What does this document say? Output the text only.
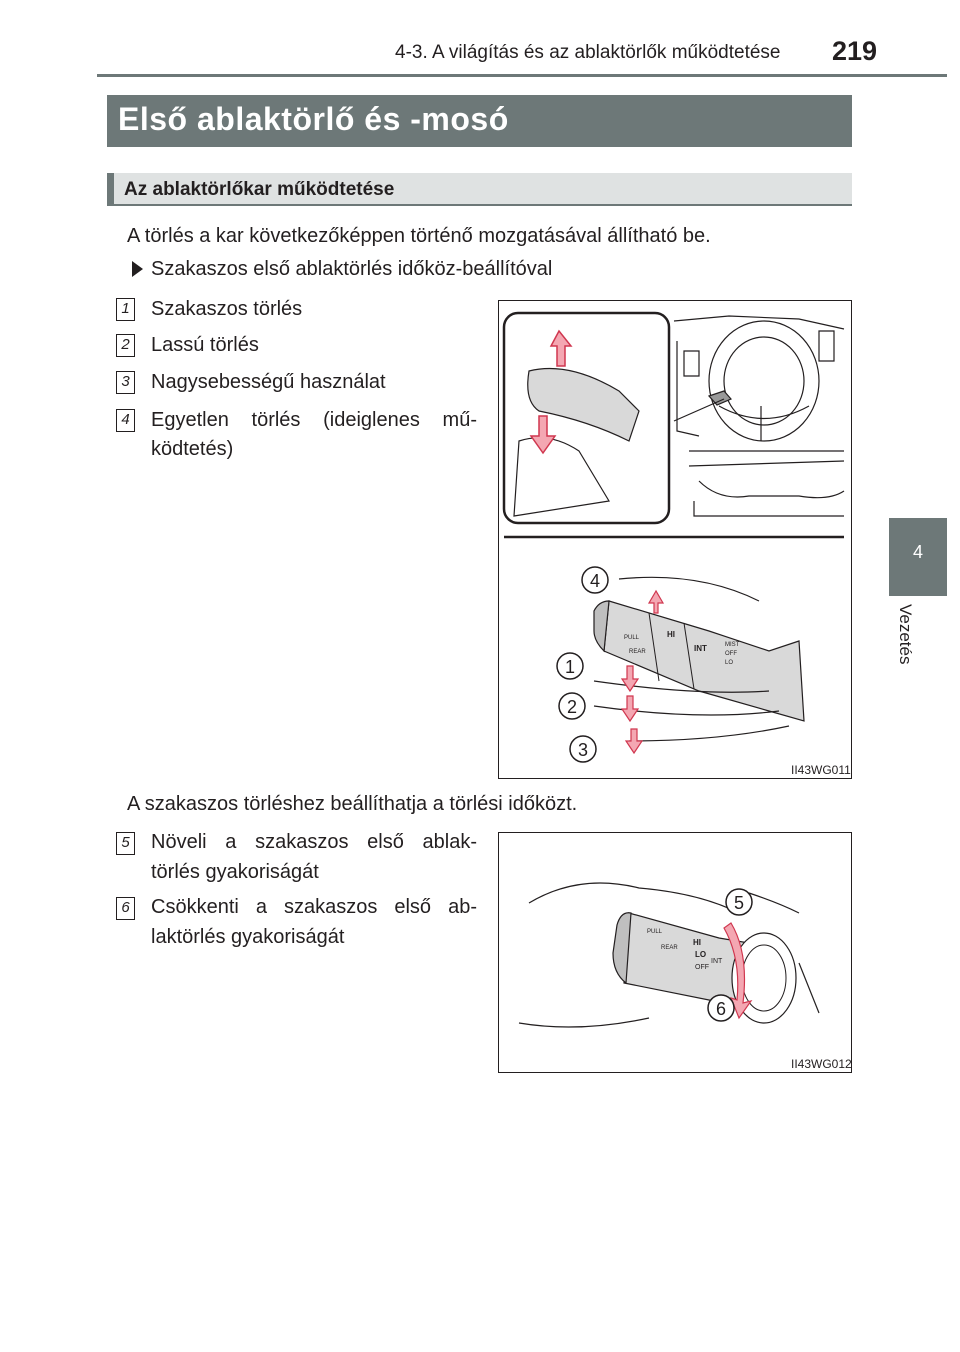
4-3. A világítás és az ablaktörlők működtetése 219
4
Vezetés
Első ablaktörlő és -mosó
Az ablaktörlőkar működtetése
A törlés a kar következőképpen történő mozgatásával állítható be.
Szakaszos első ablaktörlés időköz-beállítóval
1 Szakaszos törlés
2 Lassú törlés
3 Nagysebességű használat
4 Egyetlen törlés (ideiglenes mű-
ködtetés)
HI
INT	MIST
OFF
LO
PULL
REAR
4
1
2
3
II43WG011
A szakaszos törléshez beállíthatja a törlési időközt.
5 Növeli a szakaszos első ablak-
törlés gyakoriságát
6 Csökkenti a szakaszos első ab-
laktörlés gyakoriságát	HI
LO
OFF
INT
PULL
REAR
5
6
II43WG012
